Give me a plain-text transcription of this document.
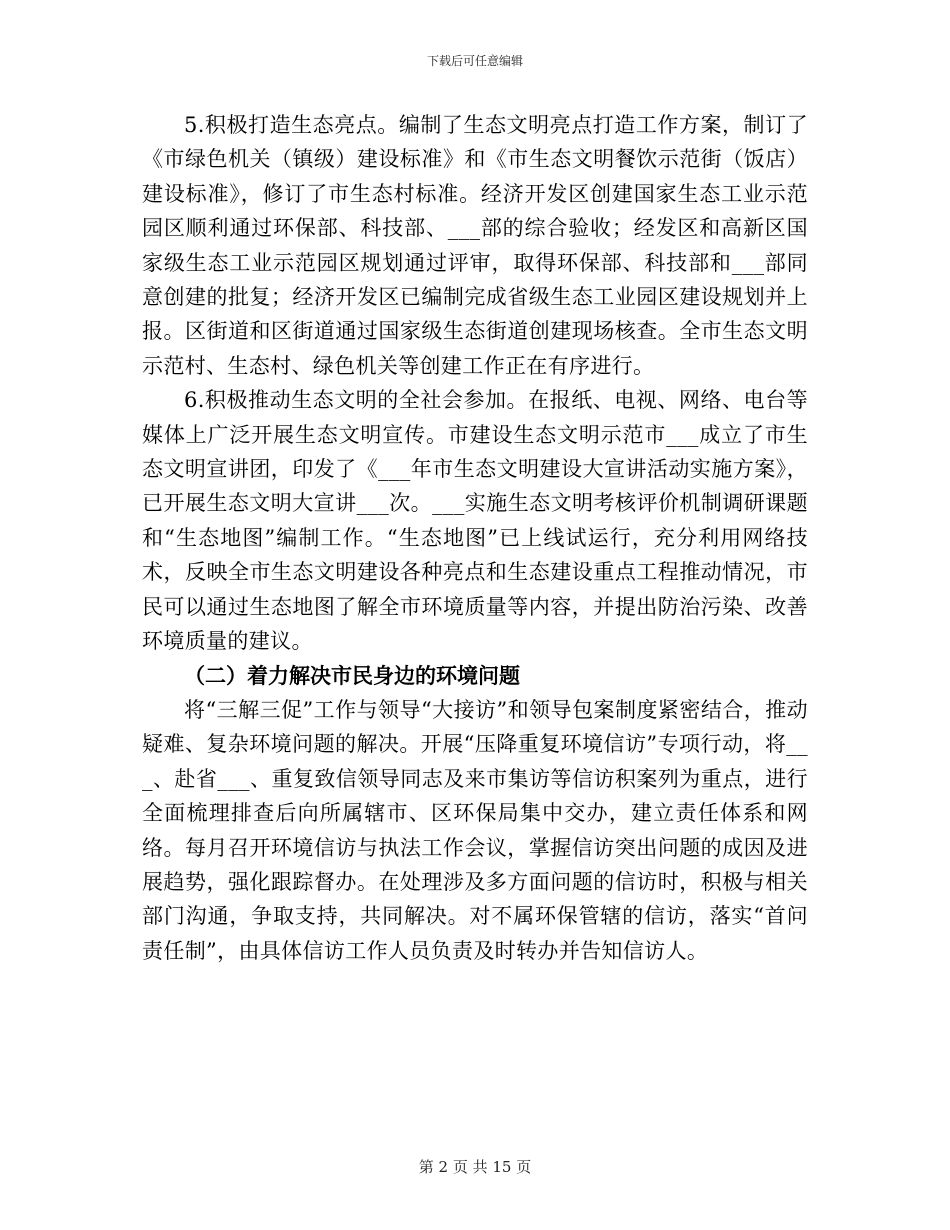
下载后可任意编辑

5.积极打造生态亮点。编制了生态文明亮点打造工作方案，制订了《市绿色机关（镇级）建设标准》和《市生态文明餐饮示范街（饭店）建设标准》，修订了市生态村标准。经济开发区创建国家生态工业示范园区顺利通过环保部、科技部、___部的综合验收；经发区和高新区国家级生态工业示范园区规划通过评审，取得环保部、科技部和___部同意创建的批复；经济开发区已编制完成省级生态工业园区建设规划并上报。区街道和区街道通过国家级生态街道创建现场核查。全市生态文明示范村、生态村、绿色机关等创建工作正在有序进行。

6.积极推动生态文明的全社会参加。在报纸、电视、网络、电台等媒体上广泛开展生态文明宣传。市建设生态文明示范市___成立了市生态文明宣讲团，印发了《___年市生态文明建设大宣讲活动实施方案》，已开展生态文明大宣讲___次。___实施生态文明考核评价机制调研课题和“生态地图”编制工作。“生态地图”已上线试运行，充分利用网络技术，反映全市生态文明建设各种亮点和生态建设重点工程推动情况，市民可以通过生态地图了解全市环境质量等内容，并提出防治污染、改善环境质量的建议。

（二）着力解决市民身边的环境问题

将“三解三促”工作与领导“大接访”和领导包案制度紧密结合，推动疑难、复杂环境问题的解决。开展“压降重复环境信访”专项行动，将___、赴省___、重复致信领导同志及来市集访等信访积案列为重点，进行全面梳理排查后向所属辖市、区环保局集中交办，建立责任体系和网络。每月召开环境信访与执法工作会议，掌握信访突出问题的成因及进展趋势，强化跟踪督办。在处理涉及多方面问题的信访时，积极与相关部门沟通，争取支持，共同解决。对不属环保管辖的信访，落实“首问责任制”，由具体信访工作人员负责及时转办并告知信访人。

第 2 页 共 15 页
